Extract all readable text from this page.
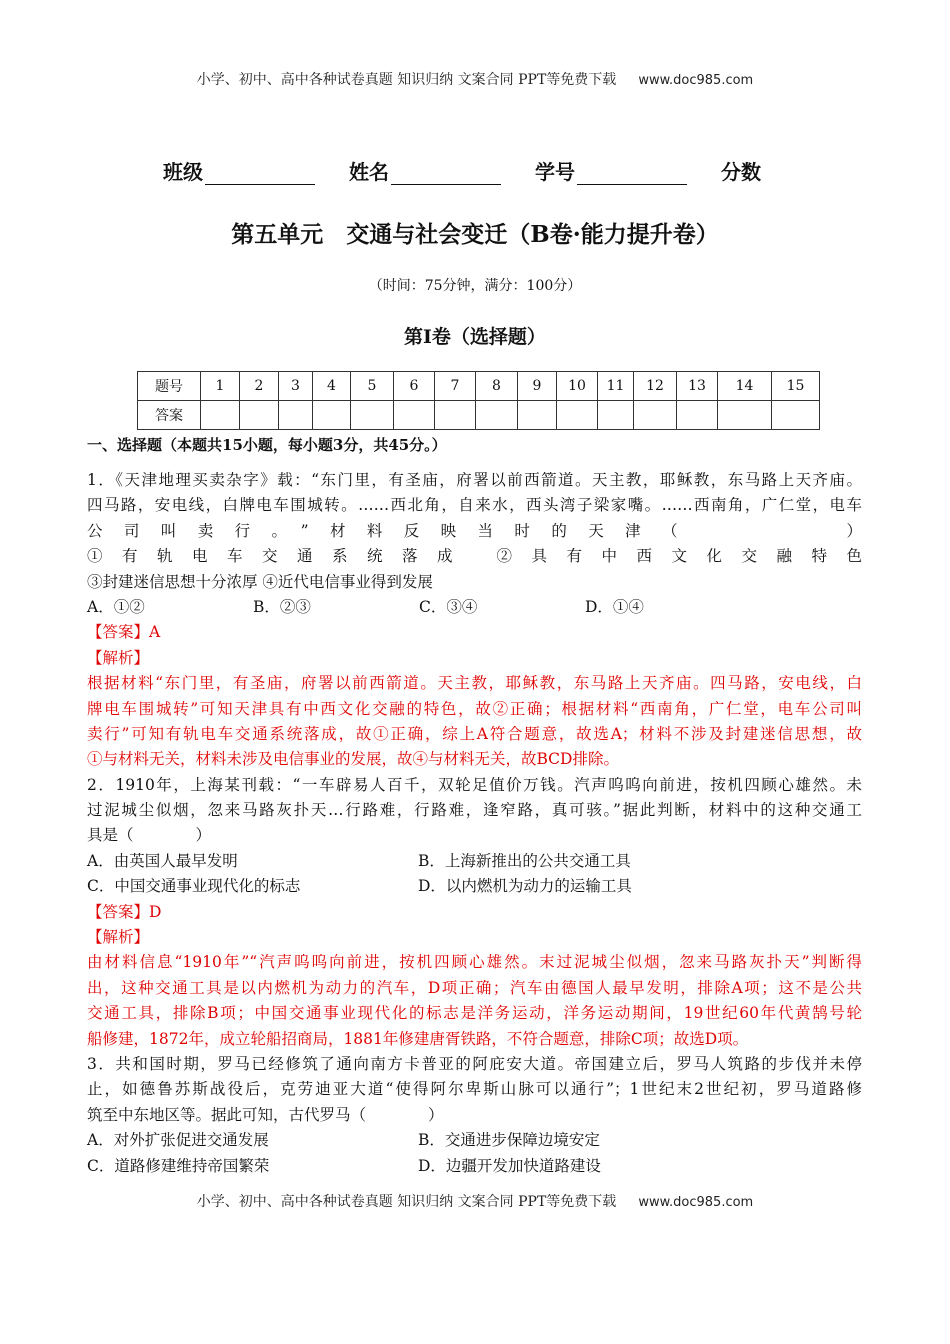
小学、初中、高中各种试卷真题 知识归纳 文案合同 PPT等免费下载 www.doc985.com
班级	姓名	学号	分数
第五单元　交通与社会变迁（B卷·能力提升卷）
（时间：75分钟，满分：100分）
第Ⅰ卷（选择题）
题号	1	2	3	4	5	6	7	8	9	10	11	12	13	14	15
答案															
一、选择题（本题共15小题，每小题3分，共45分。）
1．《天津地理买卖杂字》载：“东门里，有圣庙，府署以前西箭道。天主教，耶稣教，东马路上天齐庙。
四马路，安电线，白牌电车围城转。……西北角，自来水，西头湾子梁家嘴。……西南角，广仁堂，电车
公司叫卖行。”材料反映当时的天津（　　　　）
①有轨电车交通系统落成 ②具有中西文化交融特色
③封建迷信思想十分浓厚 ④近代电信事业得到发展
A．①②	B．②③	C．③④	D．①④
【答案】A
【解析】
根据材料“东门里，有圣庙，府署以前西箭道。天主教，耶稣教，东马路上天齐庙。四马路，安电线，白
牌电车围城转”可知天津具有中西文化交融的特色，故②正确；根据材料“西南角，广仁堂，电车公司叫
卖行”可知有轨电车交通系统落成，故①正确，综上A符合题意，故选A；材料不涉及封建迷信思想，故
①与材料无关，材料未涉及电信事业的发展，故④与材料无关，故BCD排除。
2．1910年，上海某刊载：“一车辟易人百千，双轮足值价万钱。汽声呜呜向前进，按机四顾心雄然。未
过泥城尘似烟，忽来马路灰扑天…行路难，行路难，逢窄路，真可骇。”据此判断，材料中的这种交通工
具是（　　　　）
A．由英国人最早发明	B．上海新推出的公共交通工具
C．中国交通事业现代化的标志	D．以内燃机为动力的运输工具
【答案】D
【解析】
由材料信息“1910年”“汽声呜呜向前进，按机四顾心雄然。末过泥城尘似烟，忽来马路灰扑天”判断得
出，这种交通工具是以内燃机为动力的汽车，D项正确；汽车由德国人最早发明，排除A项；这不是公共
交通工具，排除B项；中国交通事业现代化的标志是洋务运动，洋务运动期间，19世纪60年代黄鹄号轮
船修建，1872年，成立轮船招商局，1881年修建唐胥铁路，不符合题意，排除C项；故选D项。
3．共和国时期，罗马已经修筑了通向南方卡普亚的阿庇安大道。帝国建立后，罗马人筑路的步伐并未停
止，如德鲁苏斯战役后，克劳迪亚大道“使得阿尔卑斯山脉可以通行”；1世纪末2世纪初，罗马道路修
筑至中东地区等。据此可知，古代罗马（　　　　）
A．对外扩张促进交通发展	B．交通进步保障边境安定
C．道路修建维持帝国繁荣	D．边疆开发加快道路建设
小学、初中、高中各种试卷真题 知识归纳 文案合同 PPT等免费下载 www.doc985.com
